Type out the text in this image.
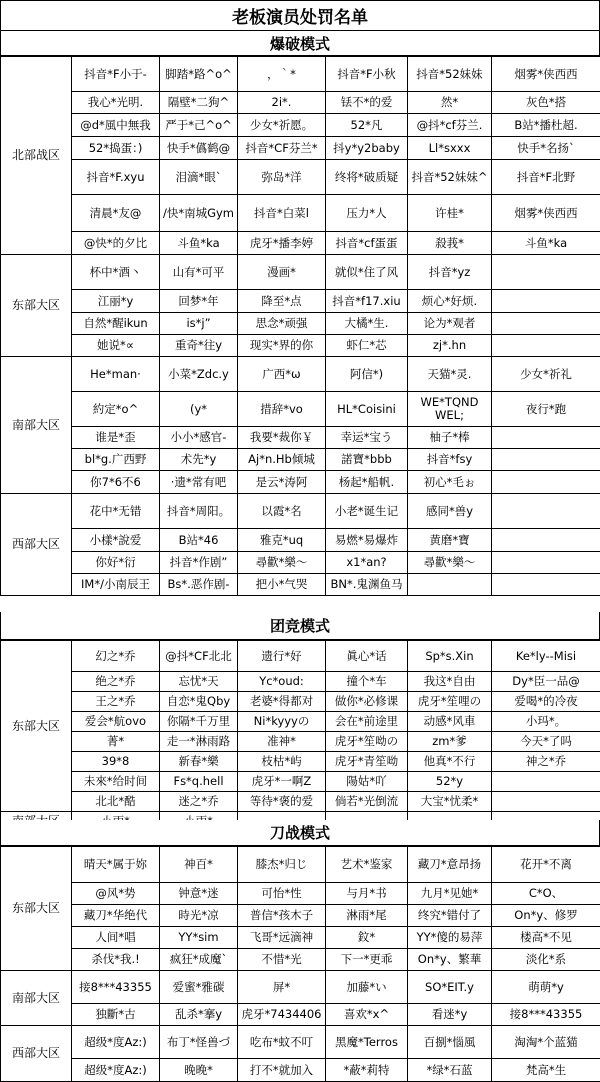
老板演员处罚名单
爆破模式
北部战区	抖音*F小于-	脚踏*路^o^	，｀*	抖音*F小秋	抖音*52妹妹	烟雾*侠西西
	我心*光明.	隔壁*二狗^	2i*.	铥不*的爱	然*	灰色*搭
	@d*風中無我	严于*己^o^	少女*祈愿。	52*凡	@抖*cf芬兰.	B站*播杜超.
	52*捣蛋：)	快手*儰鹤@	抖音*CF芬兰*	抖y*y2baby	Ll*sxxx	快手*名扬`
	抖音*F.xyu	泪滴*眼`	弥岛*洋	终将*破质疑	抖音*52妹妹^	抖音*F北野
	清晨*友@	/快*南城Gym	抖音*白菜l	压力*人	许桂*	烟雾*侠西西
	@快*的夕比	斗鱼*ka	虎牙*播李婷	抖音*cf蛋蛋	殺莪*	斗鱼*ka
东部大区	杯中*酒丶	山有*可平	漫画*	就似*住了风	抖音*yz	
	江丽*y	回梦*年	降至*点	抖音*f17.xiu	烦心*好烦.	
	自然*醒ikun	is*j”	思念*顽强	大橘*生.	论为*观者	
	她说*∝	重奇*往y	现实*界的你	虾仁*芯	zj*.hn	
南部大区	He*man·	小菜*Zdc.y	广西*ω	阿信*)	天猫*灵.	少女*祈礼
	約定*o^	(y*	措辞*vo	HL*Coisini	WE*TQND WEL;	夜行*跑
	谁是*歪	小小*感官-	我要*裁你￥	幸运*宝う	柚子*棒	
	bl*g.广西野	术先*y	Aj*n.Hb倾城	諾寶*bbb	抖音*fsy	
	你7*6不6	·遗*常有吧	是云*涛阿	杨起*船帆.	初心*毛ぉ	
西部大区	花中*无错	抖音*周阳。	以霞*名	小老*诞生记	感同*兽y	
	小樣*說爱	B站*46	雅克*uq	易燃*易爆炸	黄磨*寶	
	你好*衍	抖音*作剧”	尋歡*樂～	x1*an?	尋歡*樂～	
	IM*/小南辰王	Bs*.恶作剧-	把小*气哭	BN*.鬼渊鱼马		
团竞模式
东部大区	幻之*乔	@抖*CF北北	遗行*好	眞心*话	Sp*s.Xin	Ke*ly--Misi
	绝之*乔	忘忧*天	Yc*oud:	撞个*车	我这*自由	Dy*臣一品@
	王之*乔	自恋*鬼Qby	老婆*得都对	做你*必修课	虎牙*笙哩の	爱喝*的冷夜
	爱会*航ovo	你隔*千万里	Ni*kyyyの	会在*前途里	动感*风車	小玛*。
	菁*	走一*淋雨路	准神*	虎牙*笙呦の	zm*爹	今天*了吗
	39*8	新春*樂	枝枯*屿	虎牙*青笙呦	他真*不行	神之*乔
	未來*给时间	Fs*q.hell	虎牙*一啊Z	陽姑*吖	52*y	
	北北*酷	迷之*乔	等待*褒的爱	倘若*光倒流	大宝*忧柔*	

刀战模式
东部大区	晴天*属于妳	神百*	膝杰*归じ	艺术*鉴家	藏刀*意昂扬	花开*不离
	@风*势	钟意*迷	可怡*性	与月*书	九月*见她*	C*O、
	藏刀*华绝代	時光*凉	普信*孩木子	淋雨*尾	终究*错付了	On*y、修罗
	人间*唱	YY*sim	飞哥*远滴神	鈫*	YY*傻的易萍	楼高*不见
	杀伐*我.!	疯狂*成魔`	不惜*光	下一*更乖	On*y、繁華	淡化*系
南部大区	接8***43355	爱蜜*雅碳	屏*	加藤*い	SO*EIT.y	萌萌*y
	独斷*古	乱杀*搴y	虎牙*7434406	喜欢*x^	看迷*y	接8***43355
西部大区	超级*度Az:)	布丁*怪兽づ	吃布*蚊不叮	黑魔*Terros	百捌*惱風	淘淘*个蓝猫
	超级*度Az:)	晚晚*	打不*就加入	*蔽*莉特	*绿*石蓝	梵高*生
